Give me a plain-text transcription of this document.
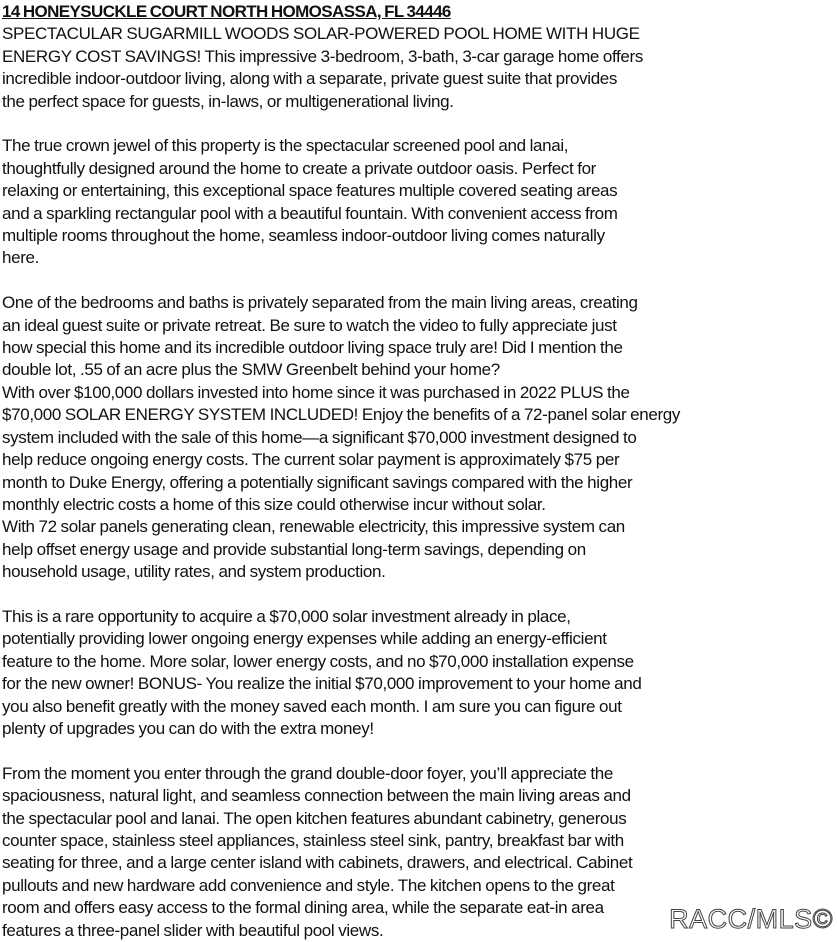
14 HONEYSUCKLE COURT NORTH HOMOSASSA, FL 34446

SPECTACULAR SUGARMILL WOODS SOLAR-POWERED POOL HOME WITH HUGE
ENERGY COST SAVINGS! This impressive 3-bedroom, 3-bath, 3-car garage home offers
incredible indoor-outdoor living, along with a separate, private guest suite that provides
the perfect space for guests, in-laws, or multigenerational living.

The true crown jewel of this property is the spectacular screened pool and lanai,
thoughtfully designed around the home to create a private outdoor oasis. Perfect for
relaxing or entertaining, this exceptional space features multiple covered seating areas
and a sparkling rectangular pool with a beautiful fountain. With convenient access from
multiple rooms throughout the home, seamless indoor-outdoor living comes naturally
here.

One of the bedrooms and baths is privately separated from the main living areas, creating
an ideal guest suite or private retreat. Be sure to watch the video to fully appreciate just
how special this home and its incredible outdoor living space truly are! Did I mention the
double lot, .55 of an acre plus the SMW Greenbelt behind your home?
With over $100,000 dollars invested into home since it was purchased in 2022 PLUS the
$70,000 SOLAR ENERGY SYSTEM INCLUDED! Enjoy the benefits of a 72-panel solar energy
system included with the sale of this home—a significant $70,000 investment designed to
help reduce ongoing energy costs. The current solar payment is approximately $75 per
month to Duke Energy, offering a potentially significant savings compared with the higher
monthly electric costs a home of this size could otherwise incur without solar.
With 72 solar panels generating clean, renewable electricity, this impressive system can
help offset energy usage and provide substantial long-term savings, depending on
household usage, utility rates, and system production.

This is a rare opportunity to acquire a $70,000 solar investment already in place,
potentially providing lower ongoing energy expenses while adding an energy-efficient
feature to the home. More solar, lower energy costs, and no $70,000 installation expense
for the new owner! BONUS- You realize the initial $70,000 improvement to your home and
you also benefit greatly with the money saved each month. I am sure you can figure out
plenty of upgrades you can do with the extra money!

From the moment you enter through the grand double-door foyer, you’ll appreciate the
spaciousness, natural light, and seamless connection between the main living areas and
the spectacular pool and lanai. The open kitchen features abundant cabinetry, generous
counter space, stainless steel appliances, stainless steel sink, pantry, breakfast bar with
seating for three, and a large center island with cabinets, drawers, and electrical. Cabinet
pullouts and new hardware add convenience and style. The kitchen opens to the great
room and offers easy access to the formal dining area, while the separate eat-in area
features a three-panel slider with beautiful pool views.	RACC/MLS©
